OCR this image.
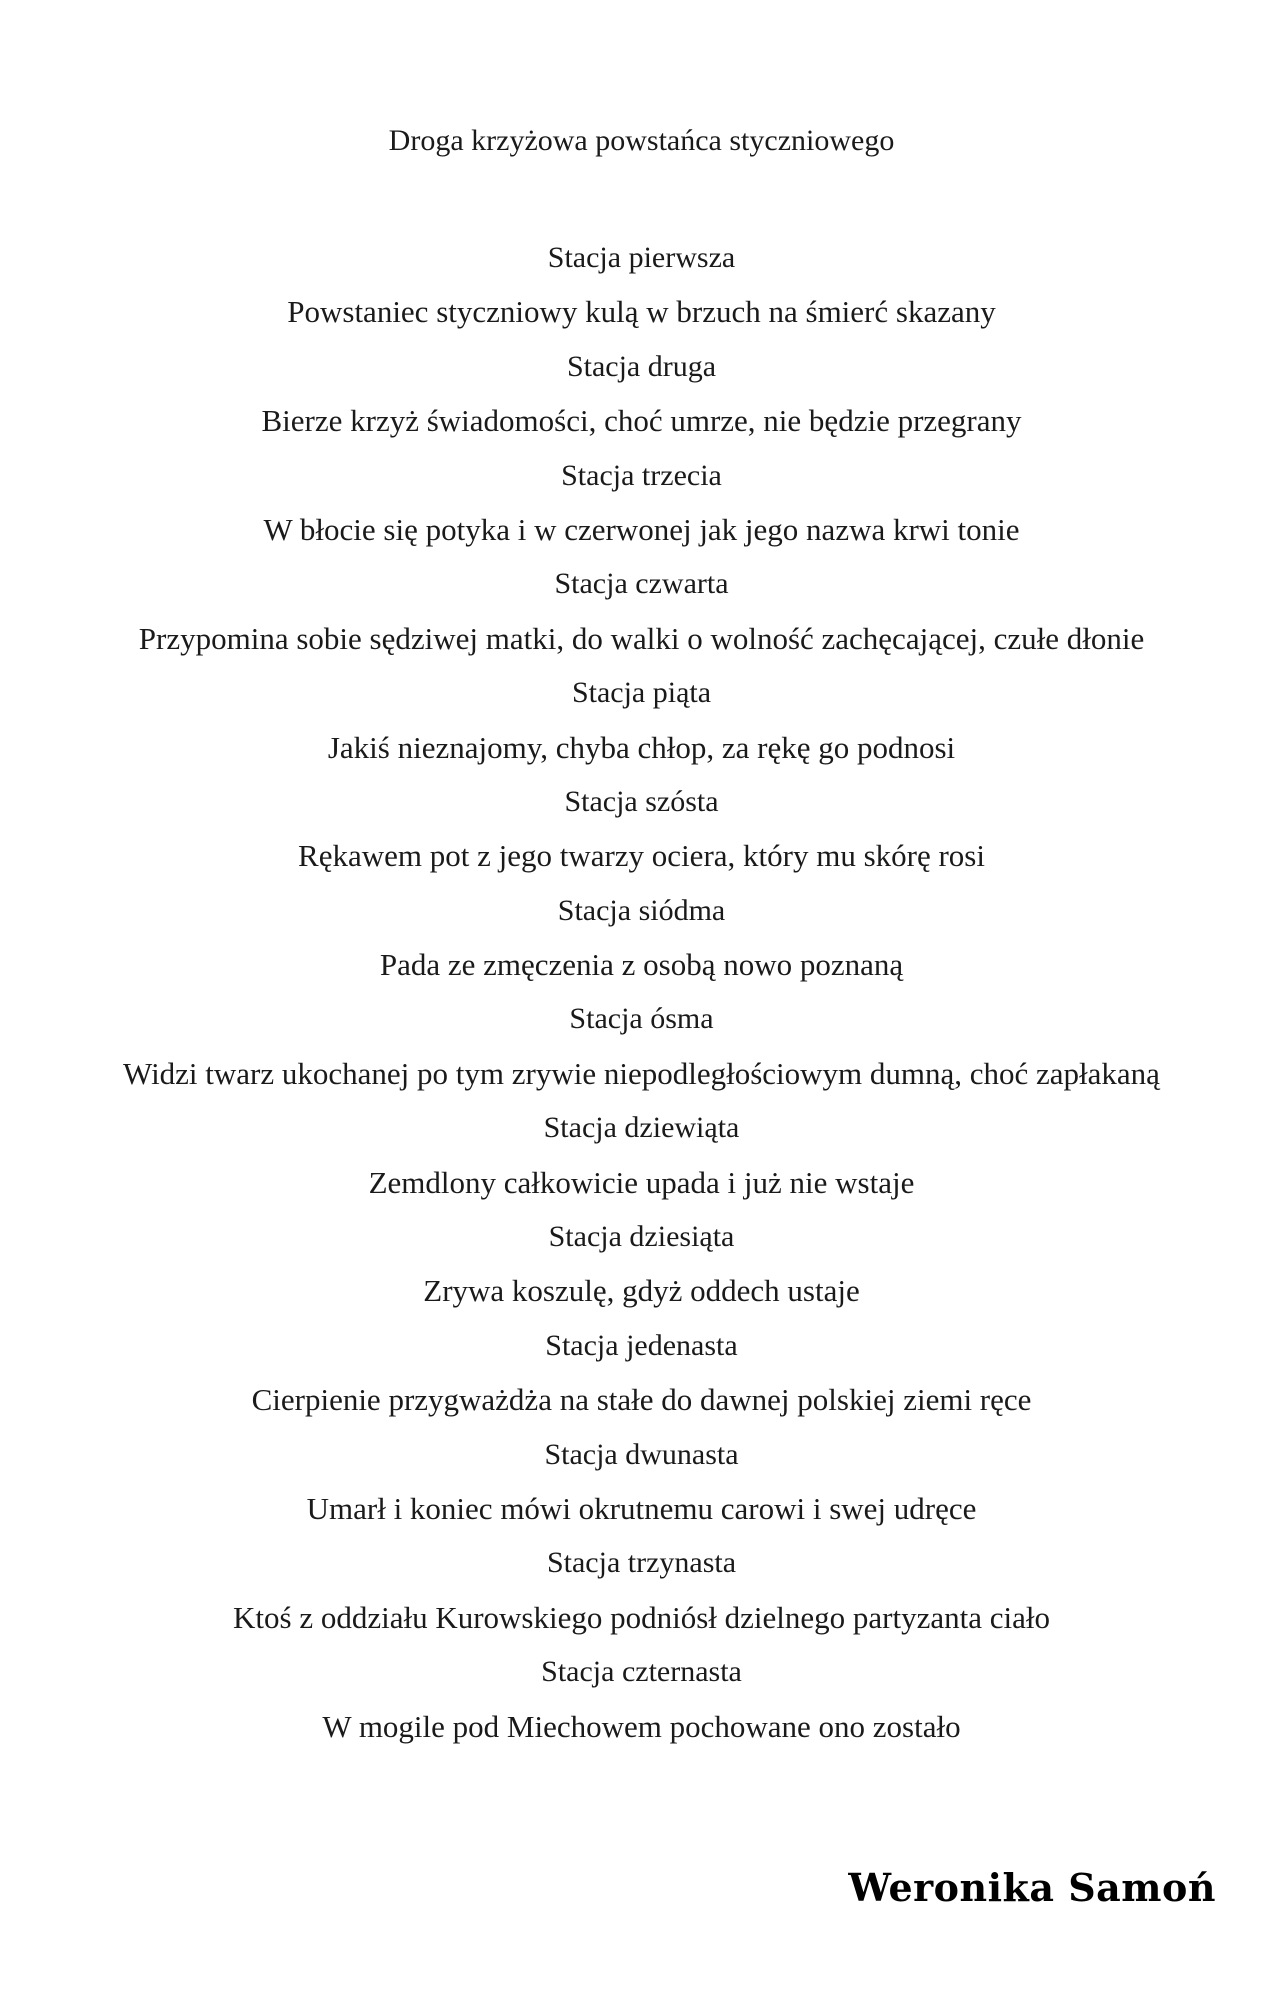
Droga krzyżowa powstańca styczniowego
Stacja pierwsza
Powstaniec styczniowy kulą w brzuch na śmierć skazany
Stacja druga
Bierze krzyż świadomości, choć umrze, nie będzie przegrany
Stacja trzecia
W błocie się potyka i w czerwonej jak jego nazwa krwi tonie
Stacja czwarta
Przypomina sobie sędziwej matki, do walki o wolność zachęcającej, czułe dłonie
Stacja piąta
Jakiś nieznajomy, chyba chłop, za rękę go podnosi
Stacja szósta
Rękawem pot z jego twarzy ociera, który mu skórę rosi
Stacja siódma
Pada ze zmęczenia z osobą nowo poznaną
Stacja ósma
Widzi twarz ukochanej po tym zrywie niepodległościowym dumną, choć zapłakaną
Stacja dziewiąta
Zemdlony całkowicie upada i już nie wstaje
Stacja dziesiąta
Zrywa koszulę, gdyż oddech ustaje
Stacja jedenasta
Cierpienie przygważdża na stałe do dawnej polskiej ziemi ręce
Stacja dwunasta
Umarł i koniec mówi okrutnemu carowi i swej udręce
Stacja trzynasta
Ktoś z oddziału Kurowskiego podniósł dzielnego partyzanta ciało
Stacja czternasta
W mogile pod Miechowem pochowane ono zostało
Weronika Samoń
